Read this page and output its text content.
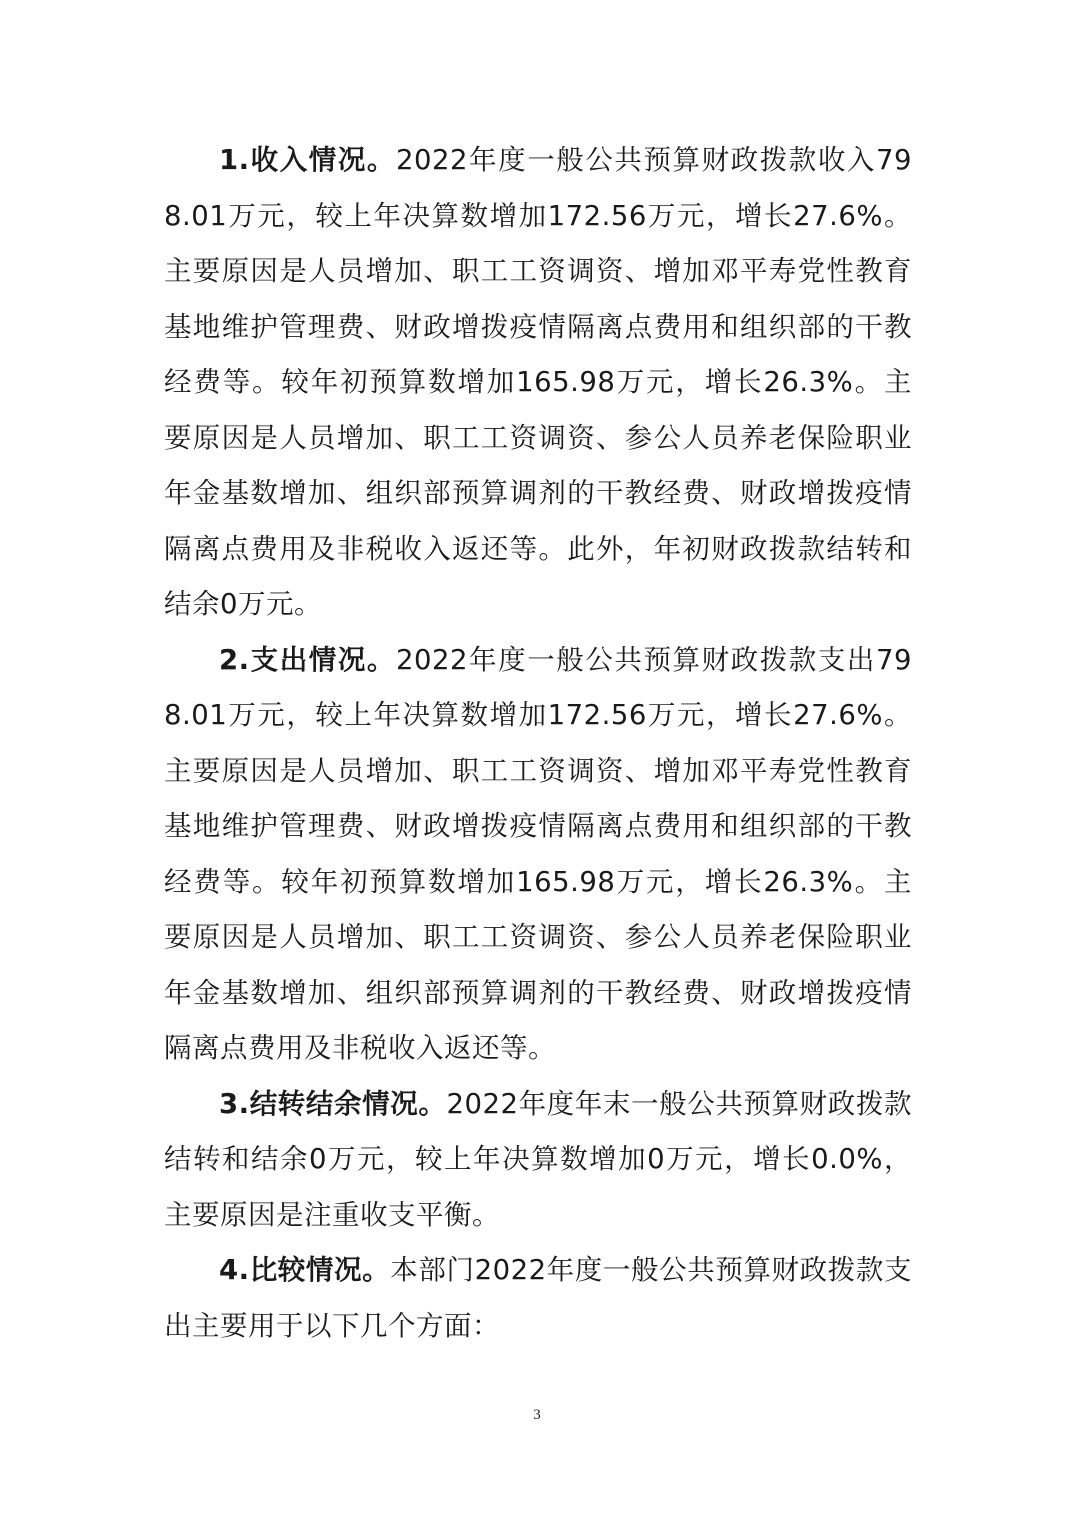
1.收入情况。2022年度一般公共预算财政拨款收入798.01万元，较上年决算数增加172.56万元，增长27.6%。主要原因是人员增加、职工工资调资、增加邓平寿党性教育基地维护管理费、财政增拨疫情隔离点费用和组织部的干教经费等。较年初预算数增加165.98万元，增长26.3%。主要原因是人员增加、职工工资调资、参公人员养老保险职业年金基数增加、组织部预算调剂的干教经费、财政增拨疫情隔离点费用及非税收入返还等。此外，年初财政拨款结转和结余0万元。

2.支出情况。2022年度一般公共预算财政拨款支出798.01万元，较上年决算数增加172.56万元，增长27.6%。主要原因是人员增加、职工工资调资、增加邓平寿党性教育基地维护管理费、财政增拨疫情隔离点费用和组织部的干教经费等。较年初预算数增加165.98万元，增长26.3%。主要原因是人员增加、职工工资调资、参公人员养老保险职业年金基数增加、组织部预算调剂的干教经费、财政增拨疫情隔离点费用及非税收入返还等。

3.结转结余情况。2022年度年末一般公共预算财政拨款结转和结余0万元，较上年决算数增加0万元，增长0.0%，主要原因是注重收支平衡。

4.比较情况。本部门2022年度一般公共预算财政拨款支出主要用于以下几个方面：

3
